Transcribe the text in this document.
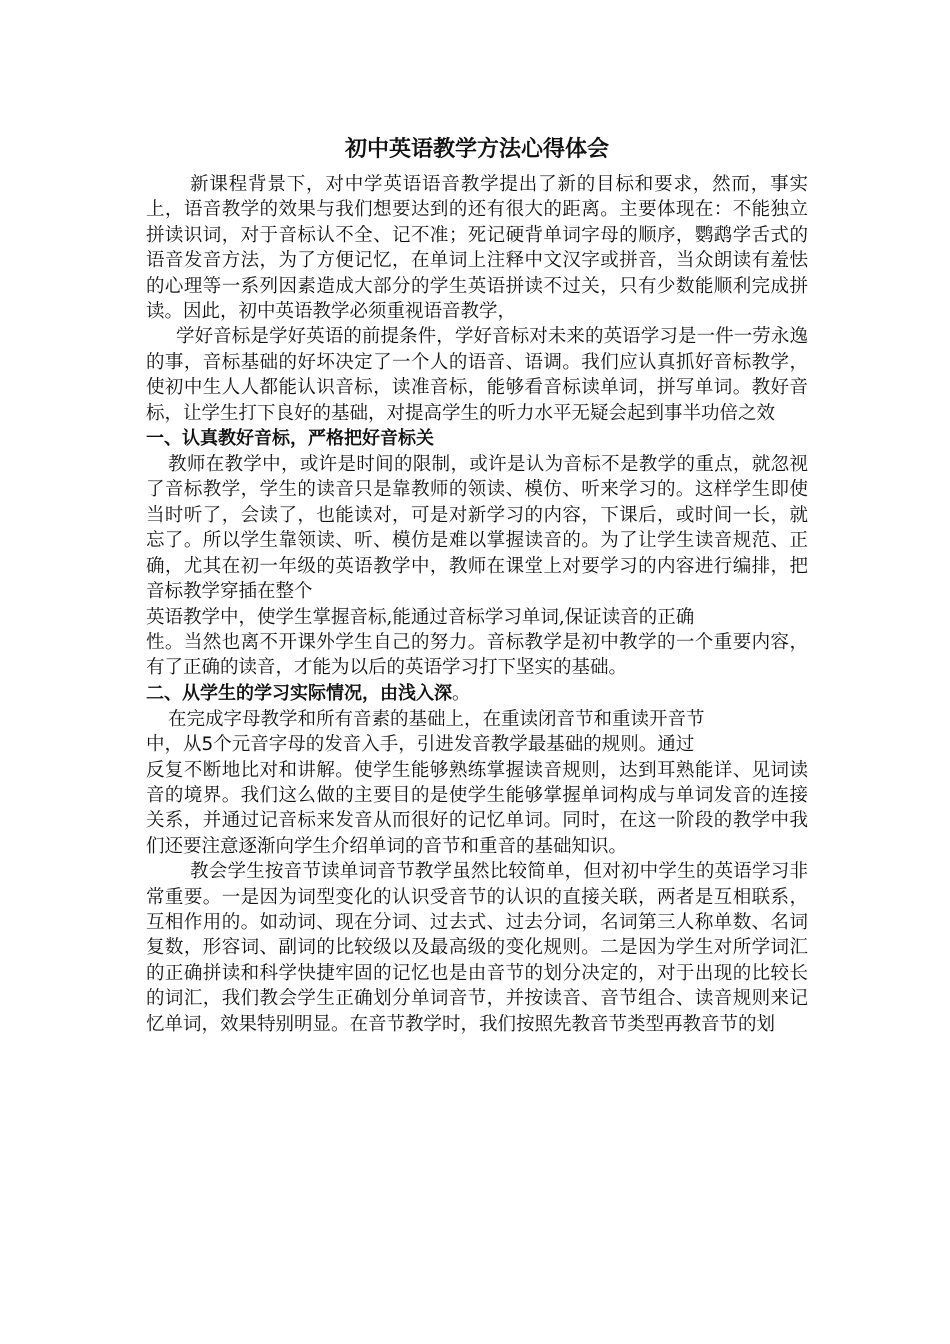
初中英语教学方法心得体会

新课程背景下，对中学英语语音教学提出了新的目标和要求，然而，事实上，语音教学的效果与我们想要达到的还有很大的距离。主要体现在：不能独立拼读识词，对于音标认不全、记不准；死记硬背单词字母的顺序，鹦鹉学舌式的语音发音方法，为了方便记忆，在单词上注释中文汉字或拼音，当众朗读有羞怯的心理等一系列因素造成大部分的学生英语拼读不过关，只有少数能顺利完成拼读。因此，初中英语教学必须重视语音教学，

学好音标是学好英语的前提条件，学好音标对未来的英语学习是一件一劳永逸的事，音标基础的好坏决定了一个人的语音、语调。我们应认真抓好音标教学，使初中生人人都能认识音标，读准音标，能够看音标读单词，拼写单词。教好音标，让学生打下良好的基础，对提高学生的听力水平无疑会起到事半功倍之效

一、认真教好音标，严格把好音标关

教师在教学中，或许是时间的限制，或许是认为音标不是教学的重点，就忽视了音标教学，学生的读音只是靠教师的领读、模仿、听来学习的。这样学生即使当时听了，会读了，也能读对，可是对新学习的内容，下课后，或时间一长，就忘了。所以学生靠领读、听、模仿是难以掌握读音的。为了让学生读音规范、正确，尤其在初一年级的英语教学中，教师在课堂上对要学习的内容进行编排，把音标教学穿插在整个

英语教学中，使学生掌握音标,能通过音标学习单词,保证读音的正确

性。当然也离不开课外学生自己的努力。音标教学是初中教学的一个重要内容，有了正确的读音，才能为以后的英语学习打下坚实的基础。

二、从学生的学习实际情况，由浅入深。

在完成字母教学和所有音素的基础上，在重读闭音节和重读开音节

中，从5个元音字母的发音入手，引进发音教学最基础的规则。通过

反复不断地比对和讲解。使学生能够熟练掌握读音规则，达到耳熟能详、见词读音的境界。我们这么做的主要目的是使学生能够掌握单词构成与单词发音的连接关系，并通过记音标来发音从而很好的记忆单词。同时，在这一阶段的教学中我们还要注意逐渐向学生介绍单词的音节和重音的基础知识。

教会学生按音节读单词音节教学虽然比较简单，但对初中学生的英语学习非常重要。一是因为词型变化的认识受音节的认识的直接关联，两者是互相联系，互相作用的。如动词、现在分词、过去式、过去分词，名词第三人称单数、名词复数，形容词、副词的比较级以及最高级的变化规则。二是因为学生对所学词汇的正确拼读和科学快捷牢固的记忆也是由音节的划分决定的，对于出现的比较长的词汇，我们教会学生正确划分单词音节，并按读音、音节组合、读音规则来记忆单词，效果特别明显。在音节教学时，我们按照先教音节类型再教音节的划
